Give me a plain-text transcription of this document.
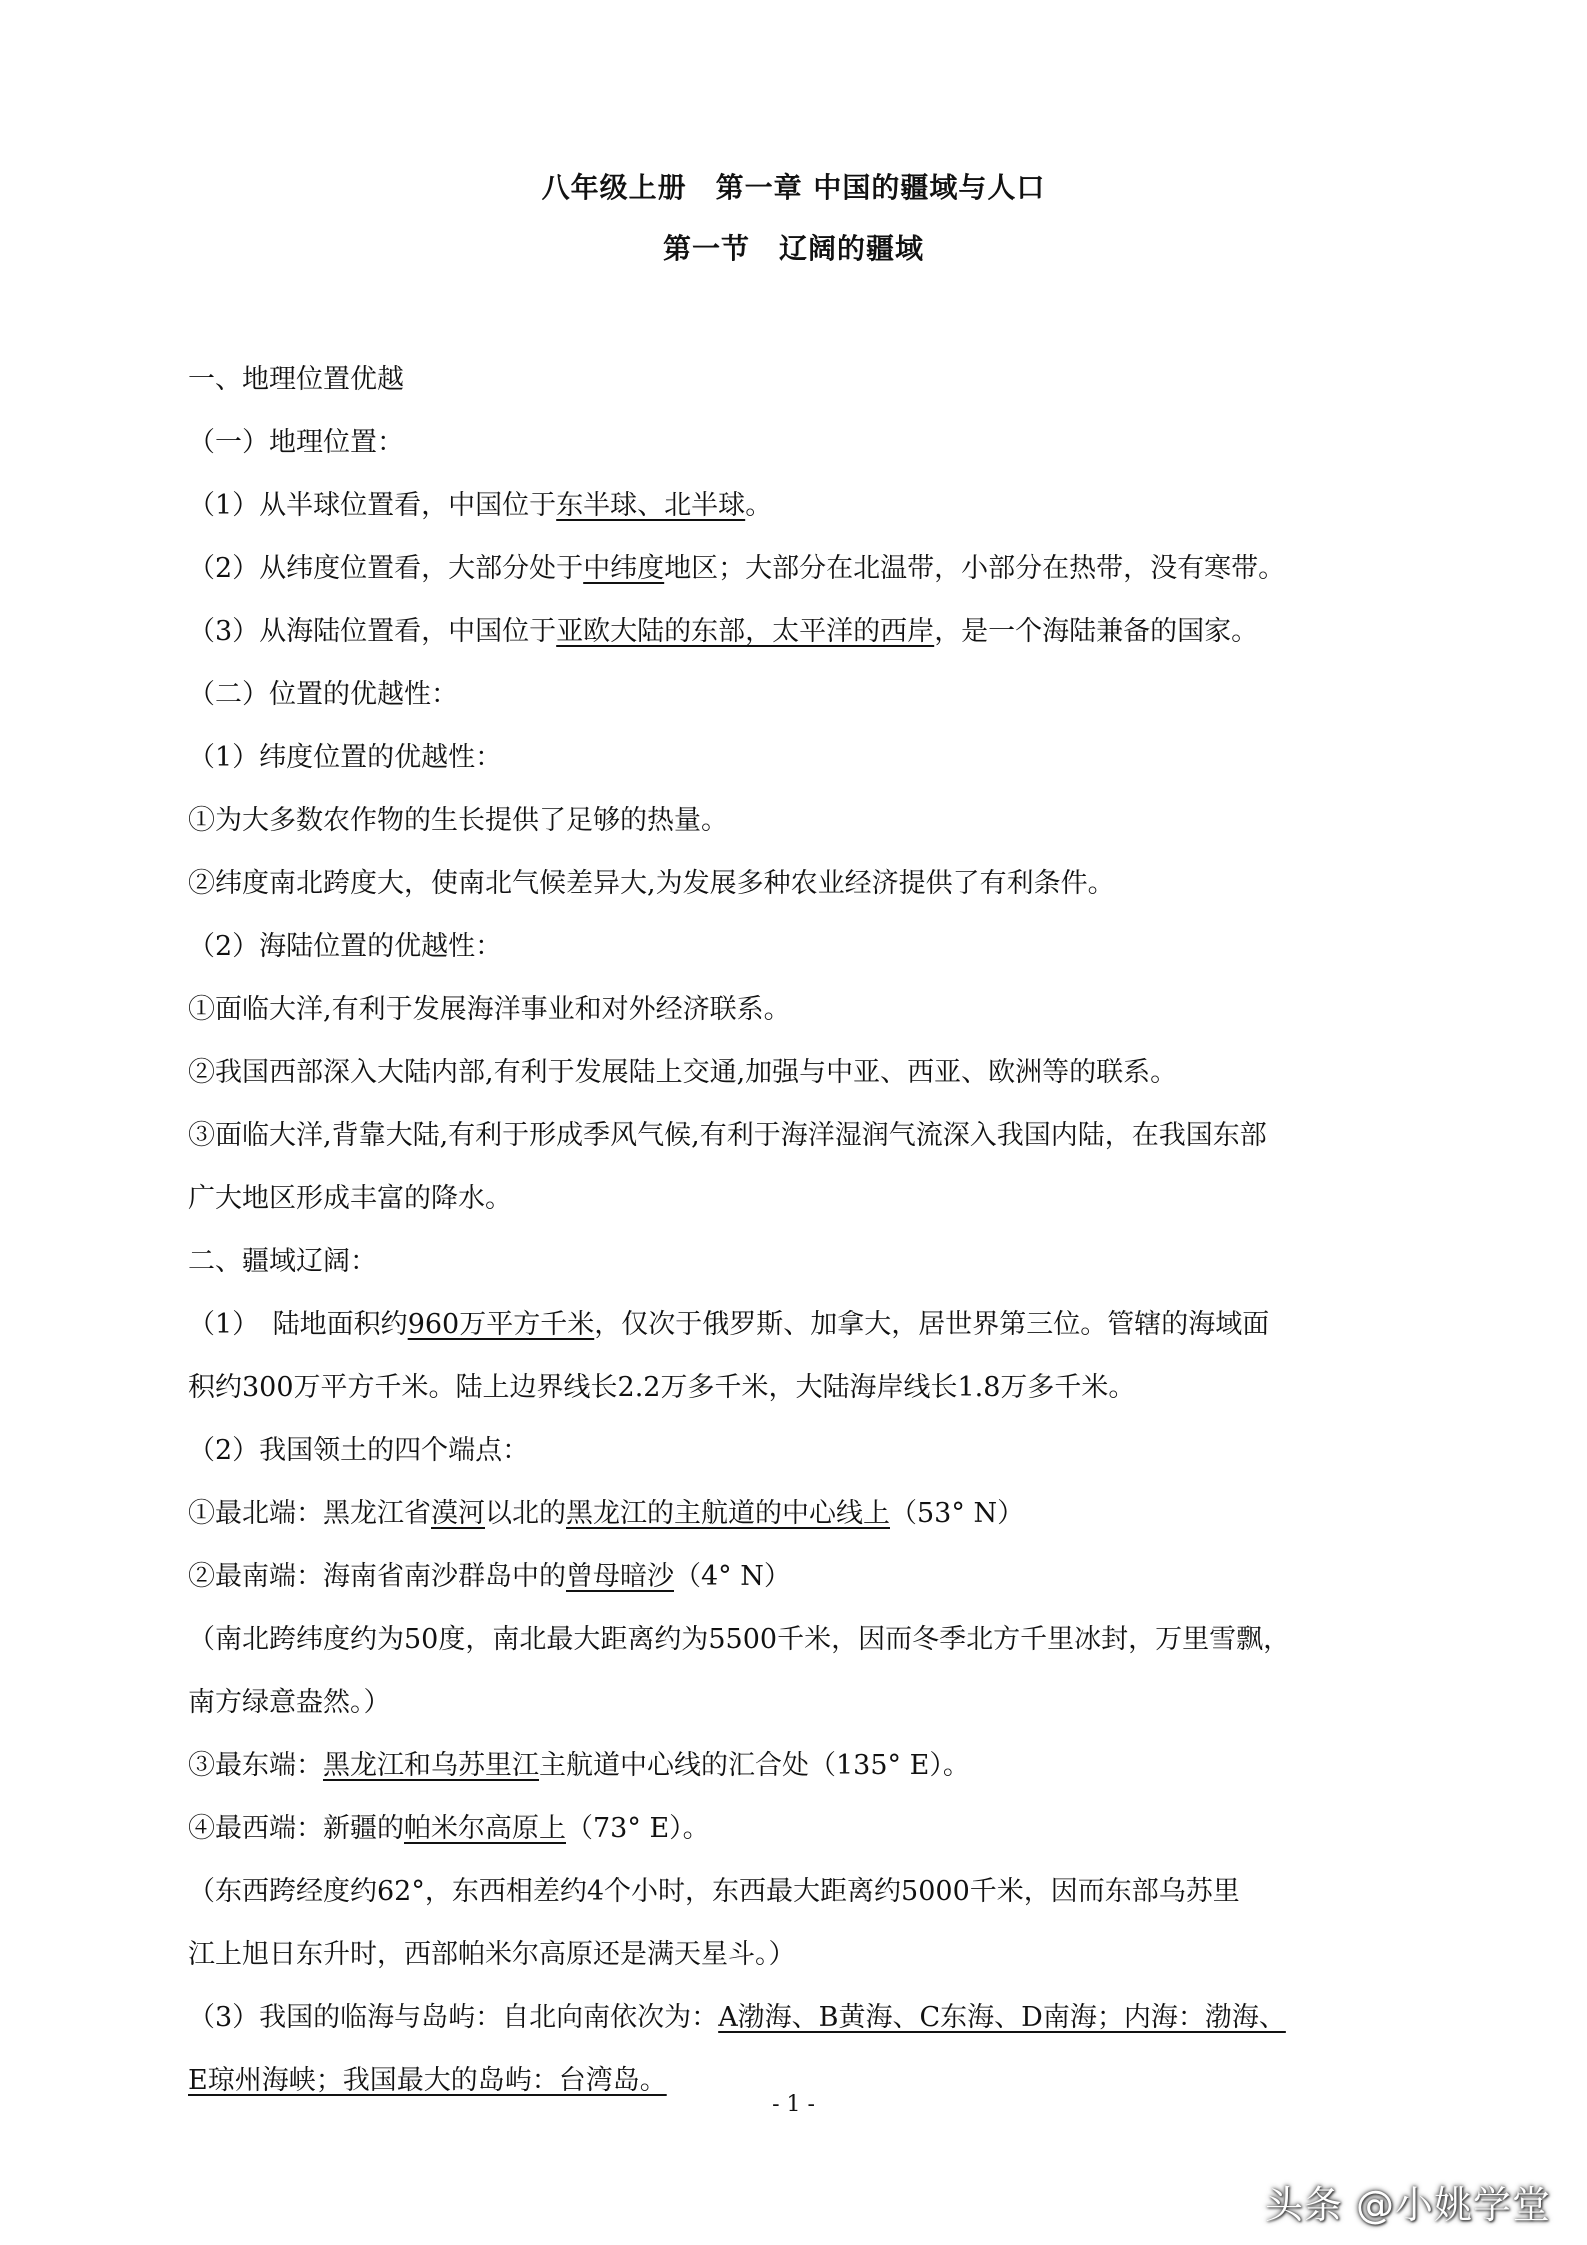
八年级上册　第一章 中国的疆域与人口
第一节　辽阔的疆域
一、地理位置优越
（一）地理位置：
（1）从半球位置看，中国位于东半球、北半球。
（2）从纬度位置看，大部分处于中纬度地区；大部分在北温带，小部分在热带，没有寒带。
（3）从海陆位置看，中国位于亚欧大陆的东部，太平洋的西岸，是一个海陆兼备的国家。
（二）位置的优越性：
（1）纬度位置的优越性：
①为大多数农作物的生长提供了足够的热量。
②纬度南北跨度大，使南北气候差异大,为发展多种农业经济提供了有利条件。
（2）海陆位置的优越性：
①面临大洋,有利于发展海洋事业和对外经济联系。
②我国西部深入大陆内部,有利于发展陆上交通,加强与中亚、西亚、欧洲等的联系。
③面临大洋,背靠大陆,有利于形成季风气候,有利于海洋湿润气流深入我国内陆，在我国东部
广大地区形成丰富的降水。
二、疆域辽阔：
（1）　陆地面积约960万平方千米，仅次于俄罗斯、加拿大，居世界第三位。管辖的海域面
积约300万平方千米。陆上边界线长2.2万多千米，大陆海岸线长1.8万多千米。
（2）我国领土的四个端点：
①最北端：黑龙江省漠河以北的黑龙江的主航道的中心线上（53° N）
②最南端：海南省南沙群岛中的曾母暗沙（4° N）
（南北跨纬度约为50度，南北最大距离约为5500千米，因而冬季北方千里冰封，万里雪飘，
南方绿意盎然。）
③最东端：黑龙江和乌苏里江主航道中心线的汇合处（135° E）。
④最西端：新疆的帕米尔高原上（73° E）。
（东西跨经度约62°，东西相差约4个小时，东西最大距离约5000千米，因而东部乌苏里
江上旭日东升时，西部帕米尔高原还是满天星斗。）
（3）我国的临海与岛屿：自北向南依次为：A渤海、B黄海、C东海、D南海；内海：渤海、
E琼州海峡；我国最大的岛屿：台湾岛。
- 1 -
头条 @小姚学堂
